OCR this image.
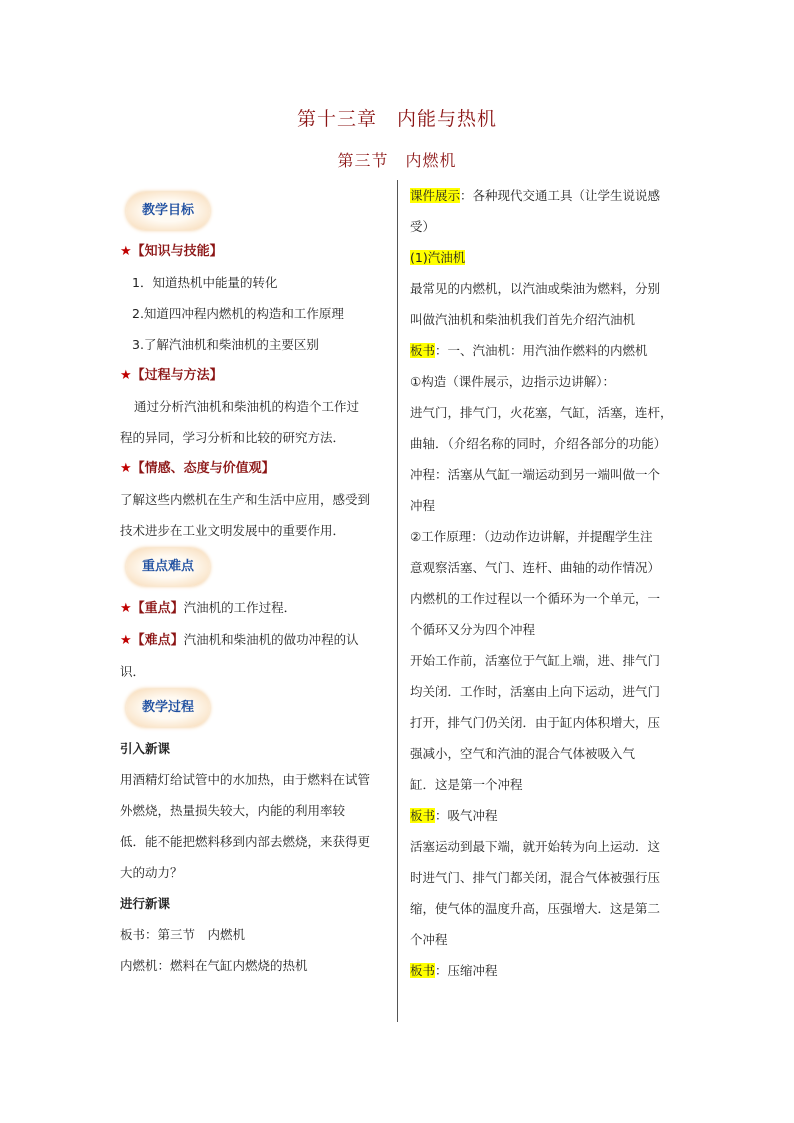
第十三章　内能与热机
第三节　内燃机
教学目标

★【知识与技能】

1．知道热机中能量的转化

2.知道四冲程内燃机的构造和工作原理

3.了解汽油机和柴油机的主要区别

★【过程与方法】

通过分析汽油机和柴油机的构造个工作过

程的异同，学习分析和比较的研究方法．

★【情感、态度与价值观】

了解这些内燃机在生产和生活中应用，感受到

技术进步在工业文明发展中的重要作用．

重点难点

★【重点】汽油机的工作过程．

★【难点】汽油机和柴油机的做功冲程的认

识．

教学过程

引入新课

用酒精灯给试管中的水加热，由于燃料在试管

外燃烧，热量损失较大，内能的利用率较

低．能不能把燃料移到内部去燃烧，来获得更

大的动力？

进行新课

板书：第三节　内燃机

内燃机：燃料在气缸内燃烧的热机

课件展示：各种现代交通工具（让学生说说感

受）

(1)汽油机

最常见的内燃机，以汽油或柴油为燃料，分别

叫做汽油机和柴油机我们首先介绍汽油机

板书：一、汽油机：用汽油作燃料的内燃机

①构造（课件展示，边指示边讲解）：

进气门，排气门，火花塞，气缸，活塞，连杆，

曲轴．（介绍名称的同时，介绍各部分的功能）

冲程：活塞从气缸一端运动到另一端叫做一个

冲程

②工作原理：（边动作边讲解，并提醒学生注

意观察活塞、气门、连杆、曲轴的动作情况）

内燃机的工作过程以一个循环为一个单元，一

个循环又分为四个冲程

开始工作前，活塞位于气缸上端，进、排气门

均关闭．工作时，活塞由上向下运动，进气门

打开，排气门仍关闭．由于缸内体积增大，压

强减小，空气和汽油的混合气体被吸入气

缸．这是第一个冲程

板书：吸气冲程

活塞运动到最下端，就开始转为向上运动．这

时进气门、排气门都关闭，混合气体被强行压

缩，使气体的温度升高，压强增大．这是第二

个冲程

板书：压缩冲程
